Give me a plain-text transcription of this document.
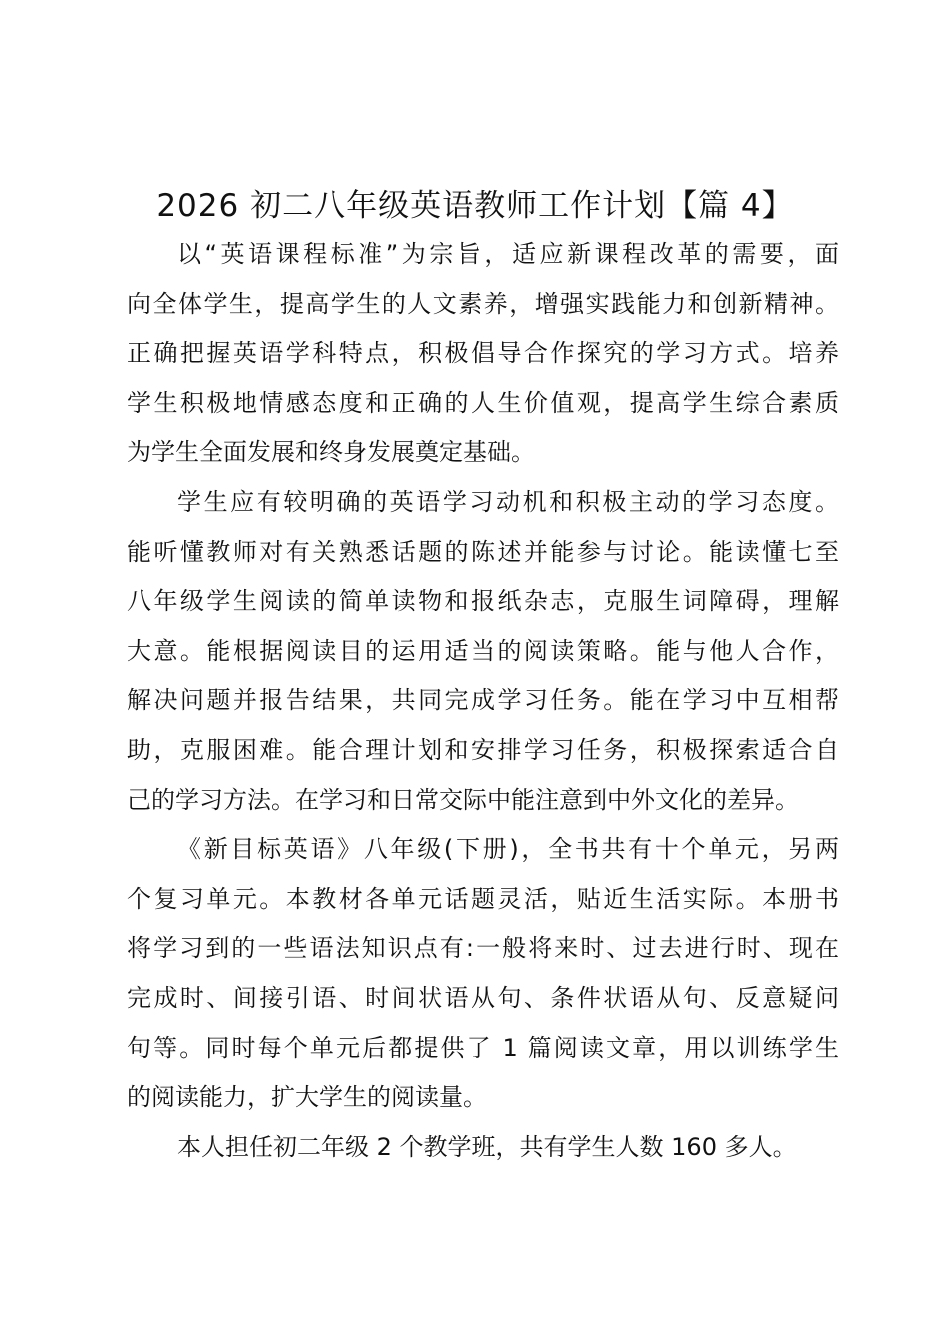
2026 初二八年级英语教师工作计划【篇 4】
以“英语课程标准”为宗旨，适应新课程改革的需要，面
向全体学生，提高学生的人文素养，增强实践能力和创新精神。
正确把握英语学科特点，积极倡导合作探究的学习方式。培养
学生积极地情感态度和正确的人生价值观，提高学生综合素质
为学生全面发展和终身发展奠定基础。
学生应有较明确的英语学习动机和积极主动的学习态度。
能听懂教师对有关熟悉话题的陈述并能参与讨论。能读懂七至
八年级学生阅读的简单读物和报纸杂志，克服生词障碍，理解
大意。能根据阅读目的运用适当的阅读策略。能与他人合作，
解决问题并报告结果，共同完成学习任务。能在学习中互相帮
助，克服困难。能合理计划和安排学习任务，积极探索适合自
己的学习方法。在学习和日常交际中能注意到中外文化的差异。
《新目标英语》八年级(下册)，全书共有十个单元，另两
个复习单元。本教材各单元话题灵活，贴近生活实际。本册书
将学习到的一些语法知识点有:一般将来时、过去进行时、现在
完成时、间接引语、时间状语从句、条件状语从句、反意疑问
句等。同时每个单元后都提供了 1 篇阅读文章，用以训练学生
的阅读能力，扩大学生的阅读量。
本人担任初二年级 2 个教学班，共有学生人数 160 多人。
